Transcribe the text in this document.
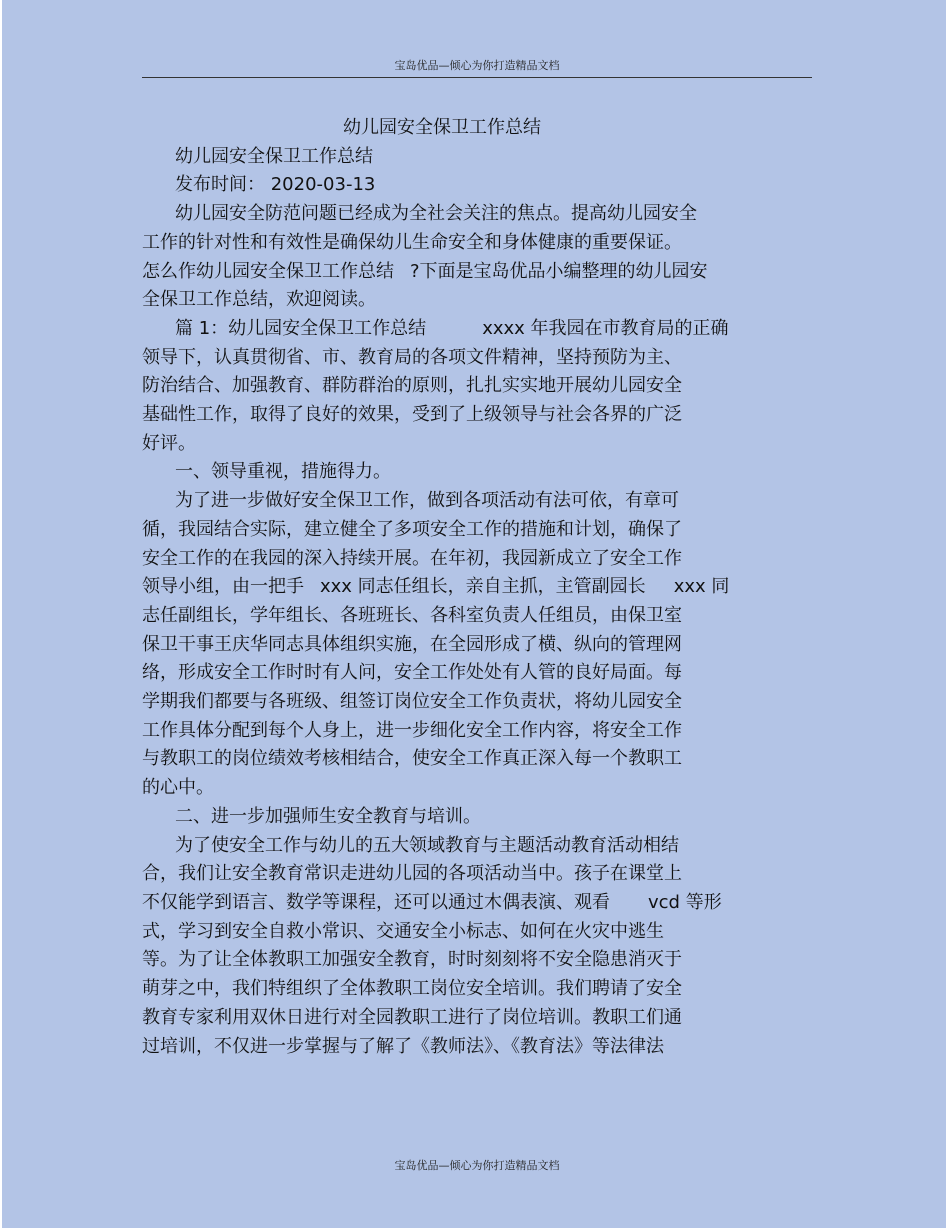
宝岛优品—倾心为你打造精品文档

幼儿园安全保卫工作总结

幼儿园安全保卫工作总结

发布时间： 2020-03-13

幼儿园安全防范问题已经成为全社会关注的焦点。提高幼儿园安全

工作的针对性和有效性是确保幼儿生命安全和身体健康的重要保证。

怎么作幼儿园安全保卫工作总结 ?下面是宝岛优品小编整理的幼儿园安

全保卫工作总结，欢迎阅读。

篇 1：幼儿园安全保卫工作总结	xxxx 年我园在市教育局的正确

领导下，认真贯彻省、市、教育局的各项文件精神，坚持预防为主、

防治结合、加强教育、群防群治的原则，扎扎实实地开展幼儿园安全

基础性工作，取得了良好的效果，受到了上级领导与社会各界的广泛

好评。

一、领导重视，措施得力。

为了进一步做好安全保卫工作，做到各项活动有法可依，有章可

循，我园结合实际，建立健全了多项安全工作的措施和计划，确保了

安全工作的在我园的深入持续开展。在年初，我园新成立了安全工作

领导小组，由一把手 xxx 同志任组长，亲自主抓，主管副园长 xxx 同

志任副组长，学年组长、各班班长、各科室负责人任组员，由保卫室

保卫干事王庆华同志具体组织实施，在全园形成了横、纵向的管理网

络，形成安全工作时时有人问，安全工作处处有人管的良好局面。每

学期我们都要与各班级、组签订岗位安全工作负责状，将幼儿园安全

工作具体分配到每个人身上，进一步细化安全工作内容，将安全工作

与教职工的岗位绩效考核相结合，使安全工作真正深入每一个教职工

的心中。

二、进一步加强师生安全教育与培训。

为了使安全工作与幼儿的五大领域教育与主题活动教育活动相结

合，我们让安全教育常识走进幼儿园的各项活动当中。孩子在课堂上

不仅能学到语言、数学等课程，还可以通过木偶表演、观看 vcd 等形

式，学习到安全自救小常识、交通安全小标志、如何在火灾中逃生

等。为了让全体教职工加强安全教育，时时刻刻将不安全隐患消灭于

萌芽之中，我们特组织了全体教职工岗位安全培训。我们聘请了安全

教育专家利用双休日进行对全园教职工进行了岗位培训。教职工们通

过培训，不仅进一步掌握与了解了《教师法》、《教育法》等法律法

宝岛优品—倾心为你打造精品文档
